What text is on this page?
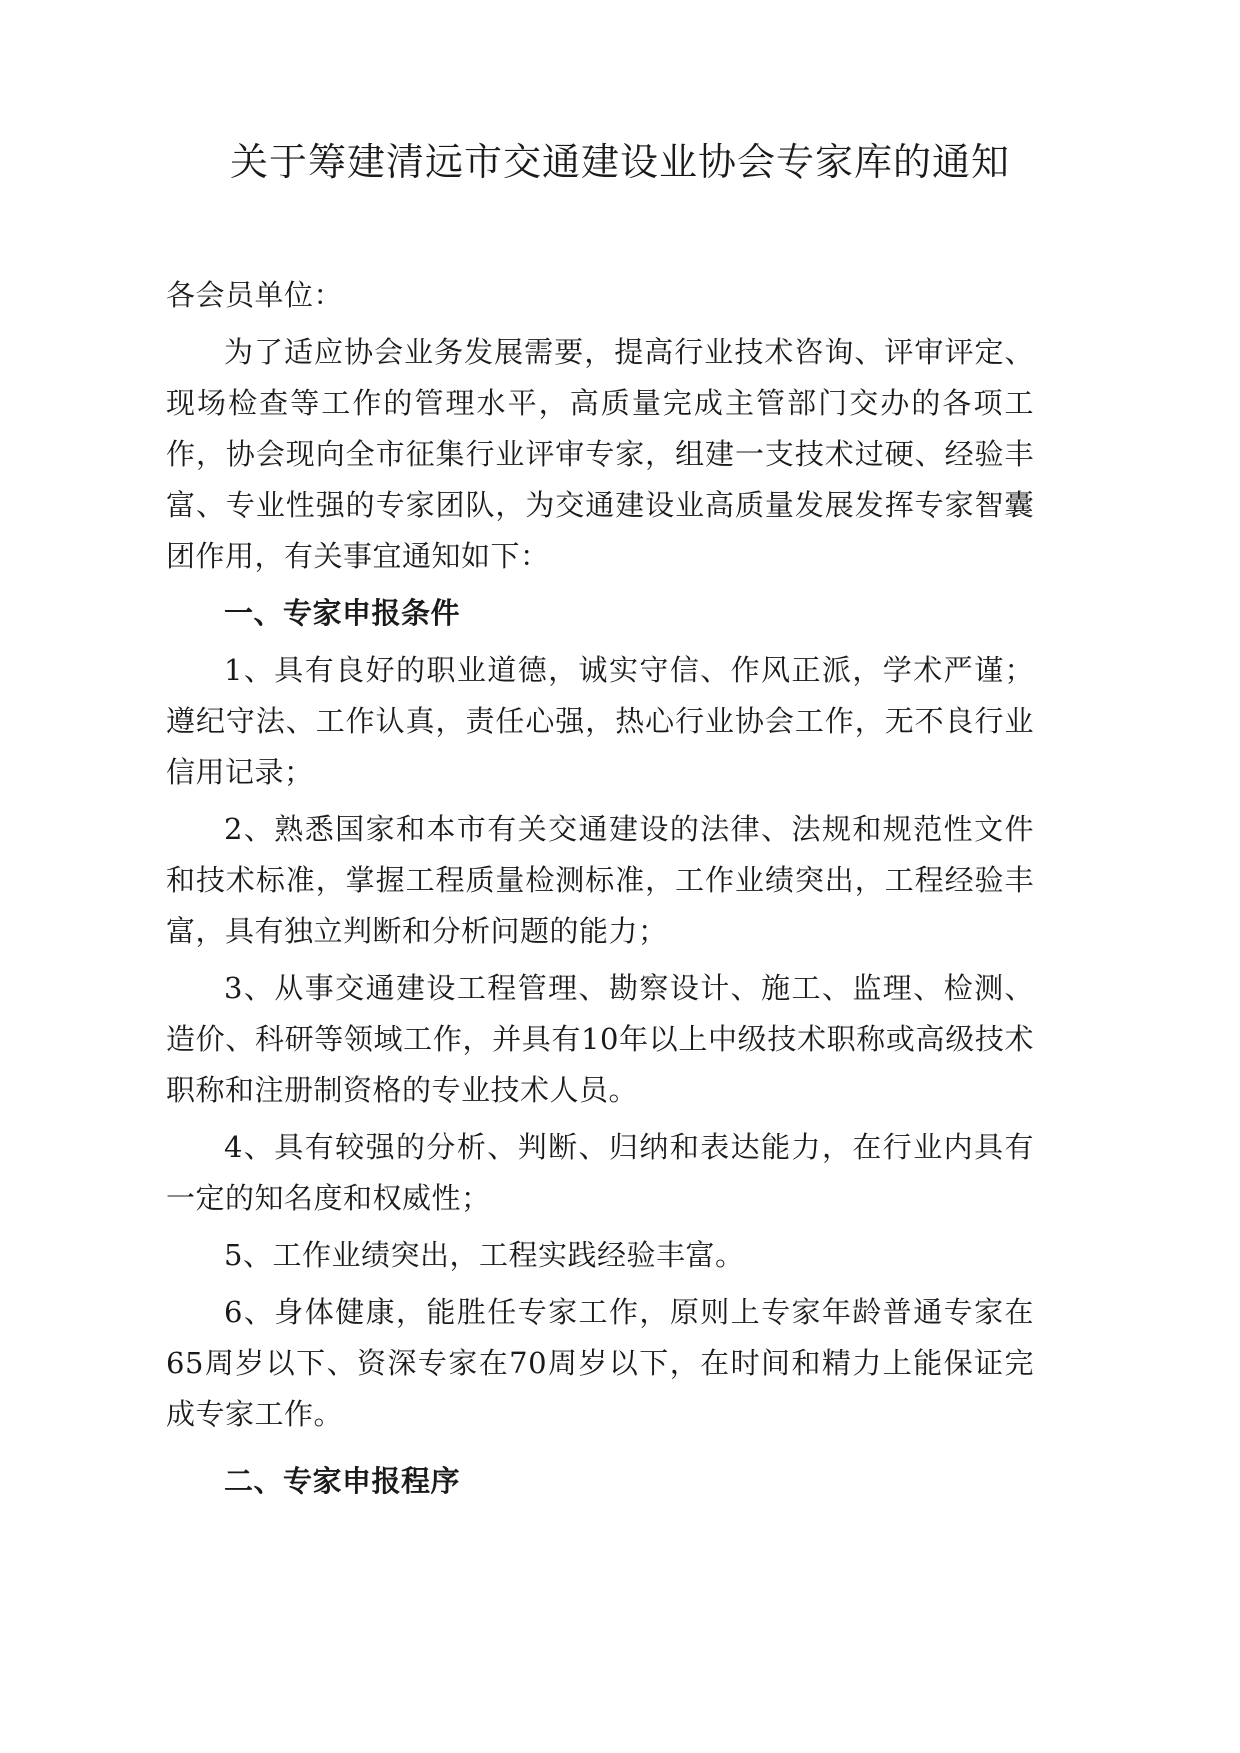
关于筹建清远市交通建设业协会专家库的通知

各会员单位：

为了适应协会业务发展需要，提高行业技术咨询、评审评定、现场检查等工作的管理水平，高质量完成主管部门交办的各项工作，协会现向全市征集行业评审专家，组建一支技术过硬、经验丰富、专业性强的专家团队，为交通建设业高质量发展发挥专家智囊团作用，有关事宜通知如下：

一、专家申报条件

1、具有良好的职业道德，诚实守信、作风正派，学术严谨；遵纪守法、工作认真，责任心强，热心行业协会工作，无不良行业信用记录；

2、熟悉国家和本市有关交通建设的法律、法规和规范性文件和技术标准，掌握工程质量检测标准，工作业绩突出，工程经验丰富，具有独立判断和分析问题的能力；

3、从事交通建设工程管理、勘察设计、施工、监理、检测、造价、科研等领域工作，并具有10年以上中级技术职称或高级技术职称和注册制资格的专业技术人员。

4、具有较强的分析、判断、归纳和表达能力，在行业内具有一定的知名度和权威性；

5、工作业绩突出，工程实践经验丰富。

6、身体健康，能胜任专家工作，原则上专家年龄普通专家在65周岁以下、资深专家在70周岁以下，在时间和精力上能保证完成专家工作。

二、专家申报程序
